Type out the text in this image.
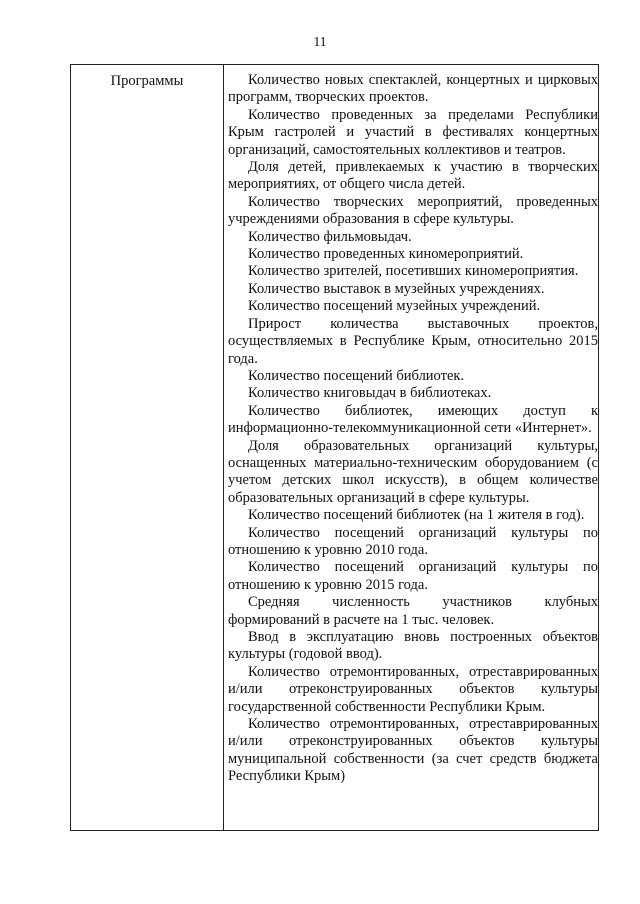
11
Программы	Количество новых спектаклей, концертных и цирковых программ, творческих проектов.

Количество проведенных за пределами Республики Крым гастролей и участий в фестивалях концертных организаций, самостоятельных коллективов и театров.

Доля детей, привлекаемых к участию в творческих мероприятиях, от общего числа детей.

Количество творческих мероприятий, проведенных учреждениями образования в сфере культуры.

Количество фильмовыдач.

Количество проведенных киномероприятий.

Количество зрителей, посетивших киномероприятия.

Количество выставок в музейных учреждениях.

Количество посещений музейных учреждений.

Прирост количества выставочных проектов, осуществляемых в Республике Крым, относительно 2015 года.

Количество посещений библиотек.

Количество книговыдач в библиотеках.

Количество библиотек, имеющих доступ к информационно-телекоммуникационной сети «Интернет».

Доля образовательных организаций культуры, оснащенных материально-техническим оборудованием (с учетом детских школ искусств), в общем количестве образовательных организаций в сфере культуры.

Количество посещений библиотек (на 1 жителя в год).

Количество посещений организаций культуры по отношению к уровню 2010 года.

Количество посещений организаций культуры по отношению к уровню 2015 года.

Средняя численность участников клубных формирований в расчете на 1 тыс. человек.

Ввод в эксплуатацию вновь построенных объектов культуры (годовой ввод).

Количество отремонтированных, отреставрированных и/или отреконструированных объектов культуры государственной собственности Республики Крым.

Количество отремонтированных, отреставрированных и/или отреконструированных объектов культуры муниципальной собственности (за счет средств бюджета Республики Крым)
